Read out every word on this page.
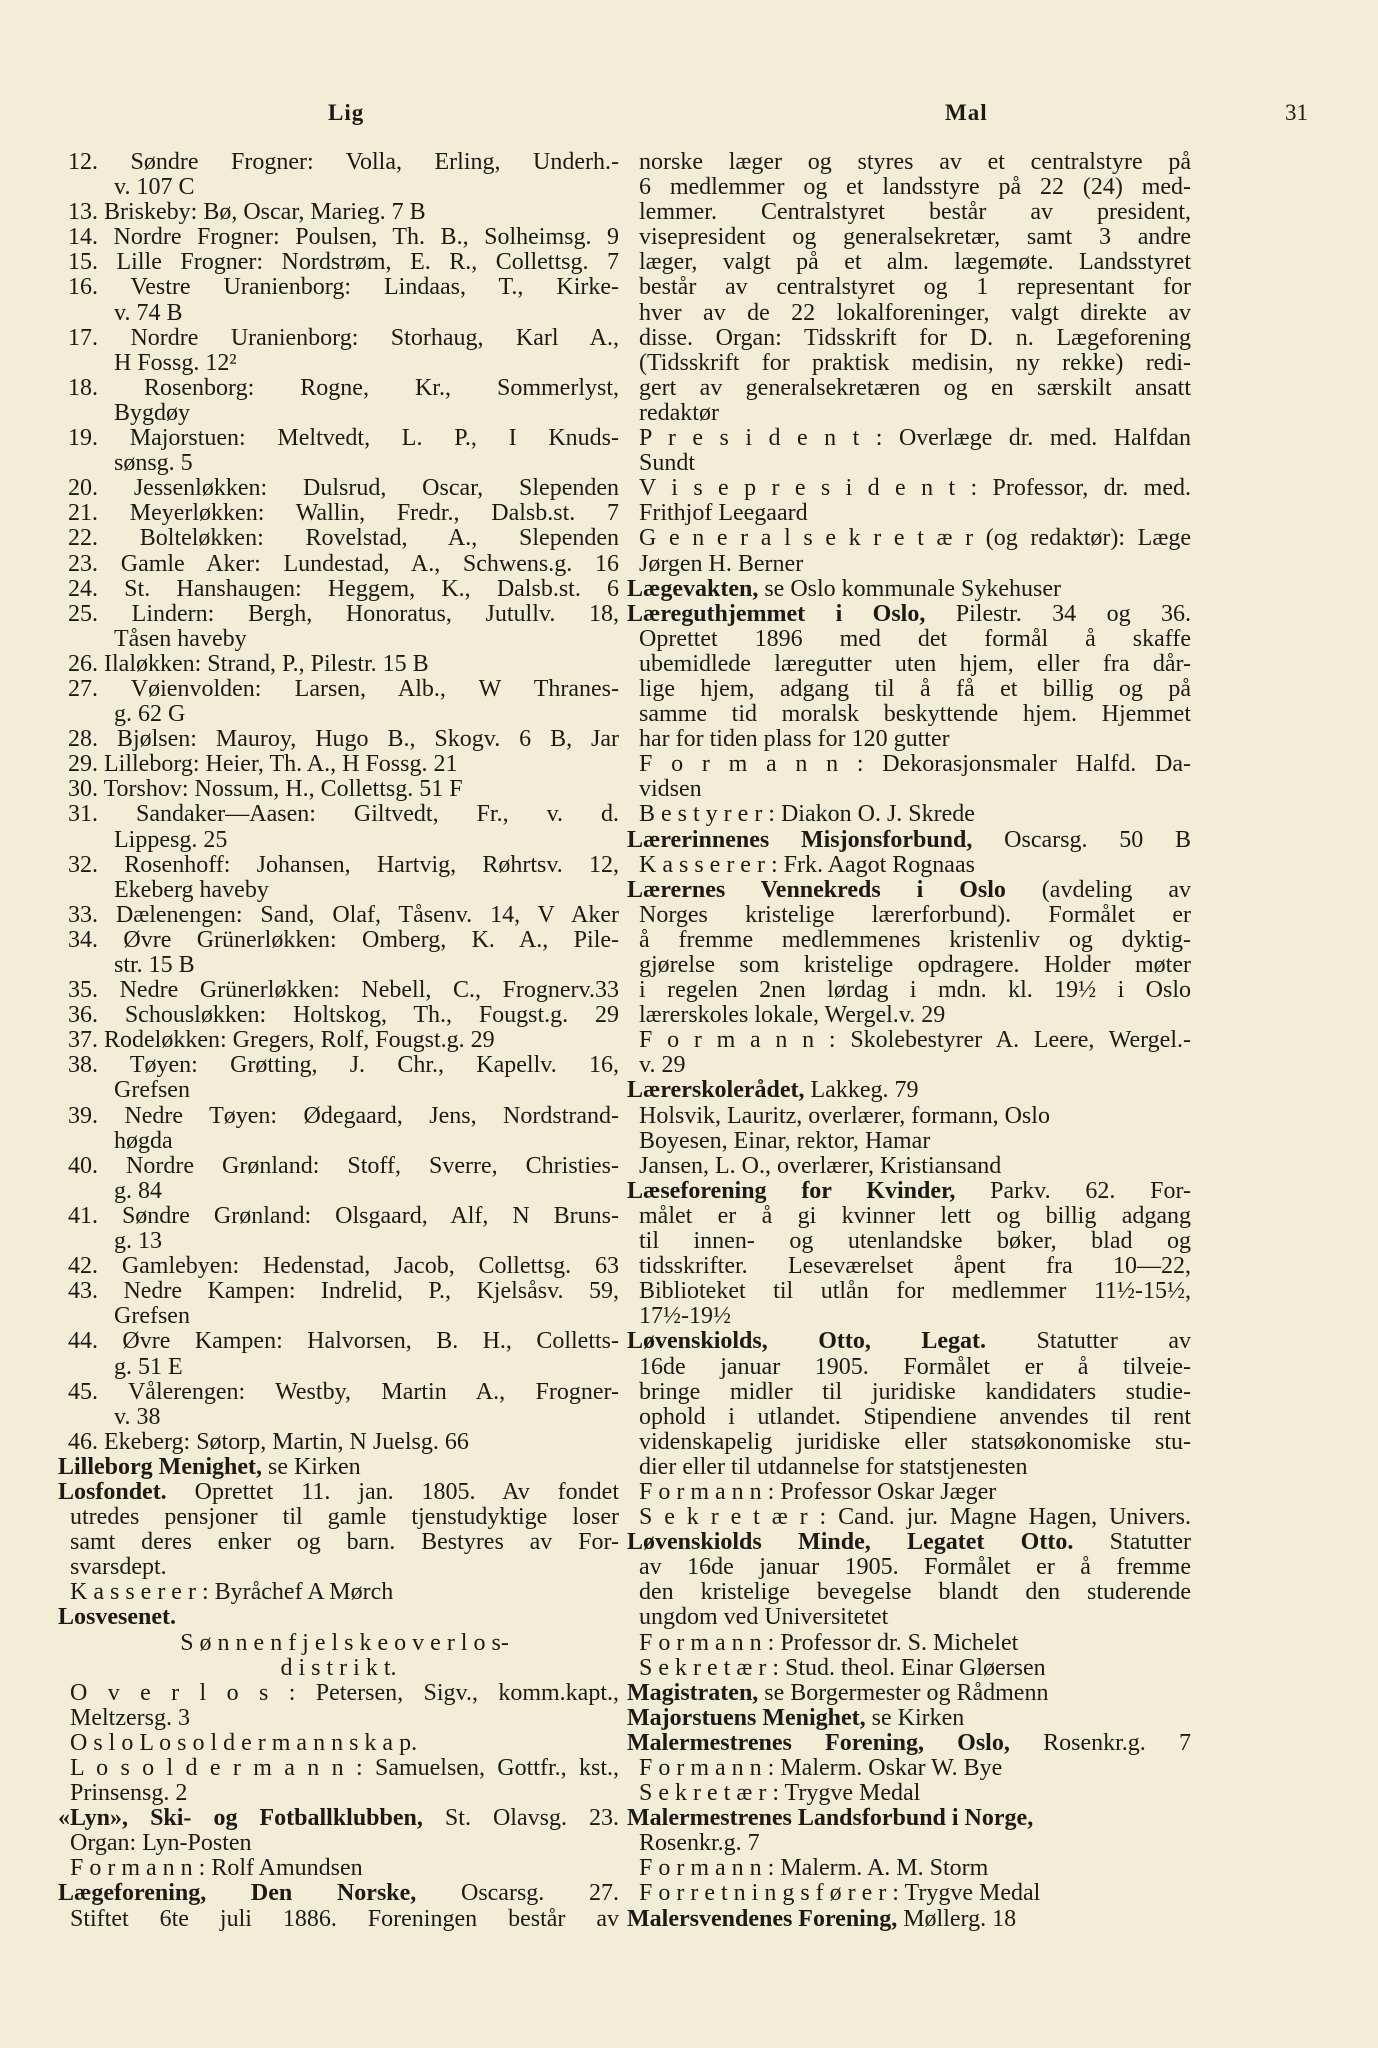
Lig	Mal	31
12. Søndre Frogner: Volla, Erling, Underh.-
v. 107 C
13. Briskeby: Bø, Oscar, Marieg. 7 B
14. Nordre Frogner: Poulsen, Th. B., Solheimsg. 9
15. Lille Frogner: Nordstrøm, E. R., Collettsg. 7
16. Vestre Uranienborg: Lindaas, T., Kirke-
v. 74 B
17. Nordre Uranienborg: Storhaug, Karl A.,
H Fossg. 12²
18. Rosenborg: Rogne, Kr., Sommerlyst,
Bygdøy
19. Majorstuen: Meltvedt, L. P., I Knuds-
sønsg. 5
20. Jessenløkken: Dulsrud, Oscar, Slependen
21. Meyerløkken: Wallin, Fredr., Dalsb.st. 7
22. Bolteløkken: Rovelstad, A., Slependen
23. Gamle Aker: Lundestad, A., Schwens.g. 16
24. St. Hanshaugen: Heggem, K., Dalsb.st. 6
25. Lindern: Bergh, Honoratus, Jutullv. 18,
Tåsen haveby
26. Ilaløkken: Strand, P., Pilestr. 15 B
27. Vøienvolden: Larsen, Alb., W Thranes-
g. 62 G
28. Bjølsen: Mauroy, Hugo B., Skogv. 6 B, Jar
29. Lilleborg: Heier, Th. A., H Fossg. 21
30. Torshov: Nossum, H., Collettsg. 51 F
31. Sandaker—Aasen: Giltvedt, Fr., v. d.
Lippesg. 25
32. Rosenhoff: Johansen, Hartvig, Røhrtsv. 12,
Ekeberg haveby
33. Dælenengen: Sand, Olaf, Tåsenv. 14, V Aker
34. Øvre Grünerløkken: Omberg, K. A., Pile-
str. 15 B
35. Nedre Grünerløkken: Nebell, C., Frognerv.33
36. Schousløkken: Holtskog, Th., Fougst.g. 29
37. Rodeløkken: Gregers, Rolf, Fougst.g. 29
38. Tøyen: Grøtting, J. Chr., Kapellv. 16,
Grefsen
39. Nedre Tøyen: Ødegaard, Jens, Nordstrand-
høgda
40. Nordre Grønland: Stoff, Sverre, Christies-
g. 84
41. Søndre Grønland: Olsgaard, Alf, N Bruns-
g. 13
42. Gamlebyen: Hedenstad, Jacob, Collettsg. 63
43. Nedre Kampen: Indrelid, P., Kjelsåsv. 59,
Grefsen
44. Øvre Kampen: Halvorsen, B. H., Colletts-
g. 51 E
45. Vålerengen: Westby, Martin A., Frogner-
v. 38
46. Ekeberg: Søtorp, Martin, N Juelsg. 66
Lilleborg Menighet, se Kirken
Losfondet. Oprettet 11. jan. 1805. Av fondet
utredes pensjoner til gamle tjenstudyktige loser
samt deres enker og barn. Bestyres av For-
svarsdept.
K a s s e r e r : Byråchef A Mørch
Losvesenet.
S ø n n e n f j e l s k e o v e r l o s-
d i s t r i k t.
O v e r l o s : Petersen, Sigv., komm.kapt.,
Meltzersg. 3
O s l o L o s o l d e r m a n n s k a p.
L o s o l d e r m a n n : Samuelsen, Gottfr., kst.,
Prinsensg. 2
«Lyn», Ski- og Fotballklubben, St. Olavsg. 23.
Organ: Lyn-Posten
F o r m a n n : Rolf Amundsen
Lægeforening, Den Norske, Oscarsg. 27.
Stiftet 6te juli 1886. Foreningen består av
norske læger og styres av et centralstyre på
6 medlemmer og et landsstyre på 22 (24) med-
lemmer. Centralstyret består av president,
visepresident og generalsekretær, samt 3 andre
læger, valgt på et alm. lægemøte. Landsstyret
består av centralstyret og 1 representant for
hver av de 22 lokalforeninger, valgt direkte av
disse. Organ: Tidsskrift for D. n. Lægeforening
(Tidsskrift for praktisk medisin, ny rekke) redi-
gert av generalsekretæren og en særskilt ansatt
redaktør
P r e s i d e n t : Overlæge dr. med. Halfdan
Sundt
V i s e p r e s i d e n t : Professor, dr. med.
Frithjof Leegaard
G e n e r a l s e k r e t æ r (og redaktør): Læge
Jørgen H. Berner
Lægevakten, se Oslo kommunale Sykehuser
Læreguthjemmet i Oslo, Pilestr. 34 og 36.
Oprettet 1896 med det formål å skaffe
ubemidlede læregutter uten hjem, eller fra dår-
lige hjem, adgang til å få et billig og på
samme tid moralsk beskyttende hjem. Hjemmet
har for tiden plass for 120 gutter
F o r m a n n : Dekorasjonsmaler Halfd. Da-
vidsen
B e s t y r e r : Diakon O. J. Skrede
Lærerinnenes Misjonsforbund, Oscarsg. 50 B
K a s s e r e r : Frk. Aagot Rognaas
Lærernes Vennekreds i Oslo (avdeling av
Norges kristelige lærerforbund). Formålet er
å fremme medlemmenes kristenliv og dyktig-
gjørelse som kristelige opdragere. Holder møter
i regelen 2nen lørdag i mdn. kl. 19½ i Oslo
lærerskoles lokale, Wergel.v. 29
F o r m a n n : Skolebestyrer A. Leere, Wergel.-
v. 29
Lærerskolerådet, Lakkeg. 79
Holsvik, Lauritz, overlærer, formann, Oslo
Boyesen, Einar, rektor, Hamar
Jansen, L. O., overlærer, Kristiansand
Læseforening for Kvinder, Parkv. 62. For-
målet er å gi kvinner lett og billig adgang
til innen- og utenlandske bøker, blad og
tidsskrifter. Leseværelset åpent fra 10—22,
Biblioteket til utlån for medlemmer 11½-15½,
17½-19½
Løvenskiolds, Otto, Legat. Statutter av
16de januar 1905. Formålet er å tilveie-
bringe midler til juridiske kandidaters studie-
ophold i utlandet. Stipendiene anvendes til rent
videnskapelig juridiske eller statsøkonomiske stu-
dier eller til utdannelse for statstjenesten
F o r m a n n : Professor Oskar Jæger
S e k r e t æ r : Cand. jur. Magne Hagen, Univers.
Løvenskiolds Minde, Legatet Otto. Statutter
av 16de januar 1905. Formålet er å fremme
den kristelige bevegelse blandt den studerende
ungdom ved Universitetet
F o r m a n n : Professor dr. S. Michelet
S e k r e t æ r : Stud. theol. Einar Gløersen
Magistraten, se Borgermester og Rådmenn
Majorstuens Menighet, se Kirken
Malermestrenes Forening, Oslo, Rosenkr.g. 7
F o r m a n n : Malerm. Oskar W. Bye
S e k r e t æ r : Trygve Medal
Malermestrenes Landsforbund i Norge,
Rosenkr.g. 7
F o r m a n n : Malerm. A. M. Storm
F o r r e t n i n g s f ø r e r : Trygve Medal
Malersvendenes Forening, Møllerg. 18
